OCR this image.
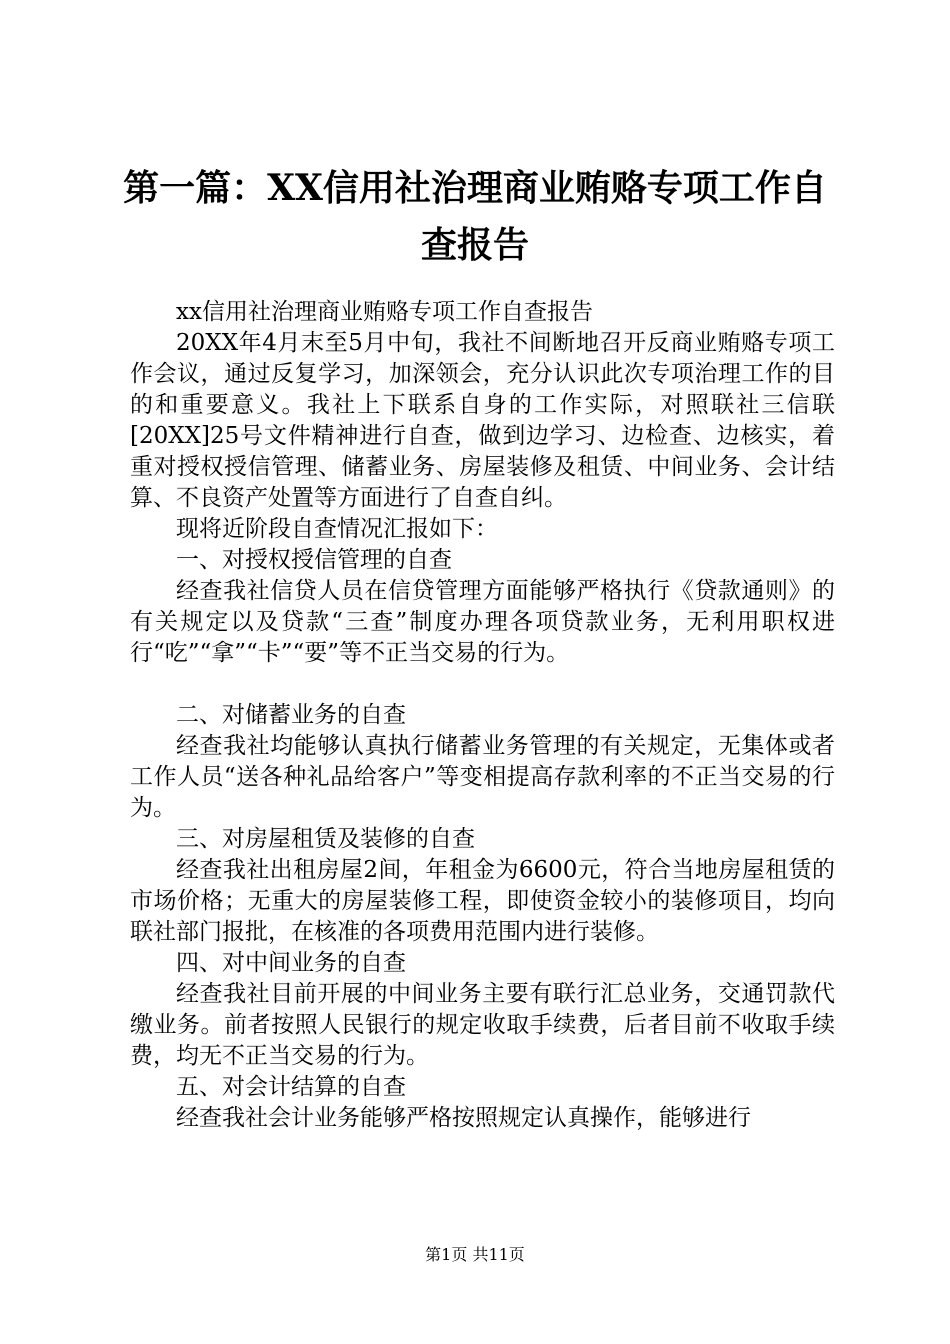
第一篇：XX信用社治理商业贿赂专项工作自查报告

xx信用社治理商业贿赂专项工作自查报告

20XX年4月末至5月中旬，我社不间断地召开反商业贿赂专项工作会议，通过反复学习，加深领会，充分认识此次专项治理工作的目的和重要意义。我社上下联系自身的工作实际，对照联社三信联[20XX]25号文件精神进行自查，做到边学习、边检查、边核实，着重对授权授信管理、储蓄业务、房屋装修及租赁、中间业务、会计结算、不良资产处置等方面进行了自查自纠。

现将近阶段自查情况汇报如下：

一、对授权授信管理的自查

经查我社信贷人员在信贷管理方面能够严格执行《贷款通则》的有关规定以及贷款“三查”制度办理各项贷款业务，无利用职权进行“吃”“拿”“卡”“要”等不正当交易的行为。

二、对储蓄业务的自查

经查我社均能够认真执行储蓄业务管理的有关规定，无集体或者工作人员“送各种礼品给客户”等变相提高存款利率的不正当交易的行为。

三、对房屋租赁及装修的自查

经查我社出租房屋2间，年租金为6600元，符合当地房屋租赁的市场价格；无重大的房屋装修工程，即使资金较小的装修项目，均向联社部门报批，在核准的各项费用范围内进行装修。

四、对中间业务的自查

经查我社目前开展的中间业务主要有联行汇总业务，交通罚款代缴业务。前者按照人民银行的规定收取手续费，后者目前不收取手续费，均无不正当交易的行为。

五、对会计结算的自查

经查我社会计业务能够严格按照规定认真操作，能够进行

第1页 共11页
